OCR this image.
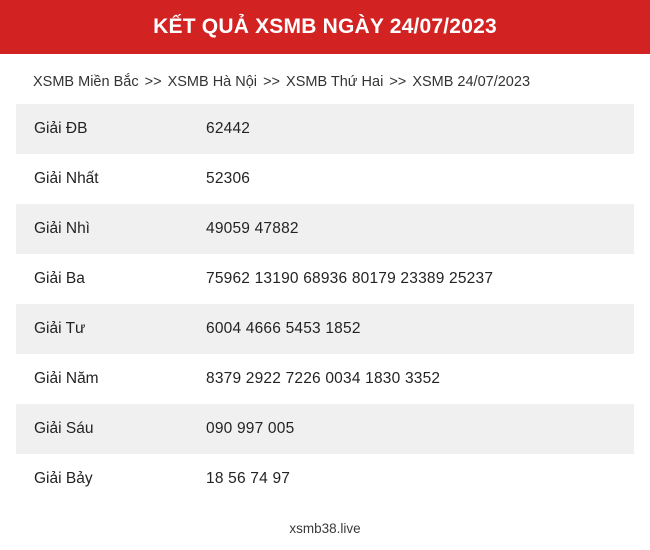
KẾT QUẢ XSMB NGÀY 24/07/2023
XSMB Miền Bắc >> XSMB Hà Nội >> XSMB Thứ Hai >> XSMB 24/07/2023
Giải ĐB	62442
Giải Nhất	52306
Giải Nhì	49059 47882
Giải Ba	75962 13190 68936 80179 23389 25237
Giải Tư	6004 4666 5453 1852
Giải Năm	8379 2922 7226 0034 1830 3352
Giải Sáu	090 997 005
Giải Bảy	18 56 74 97
xsmb38.live
